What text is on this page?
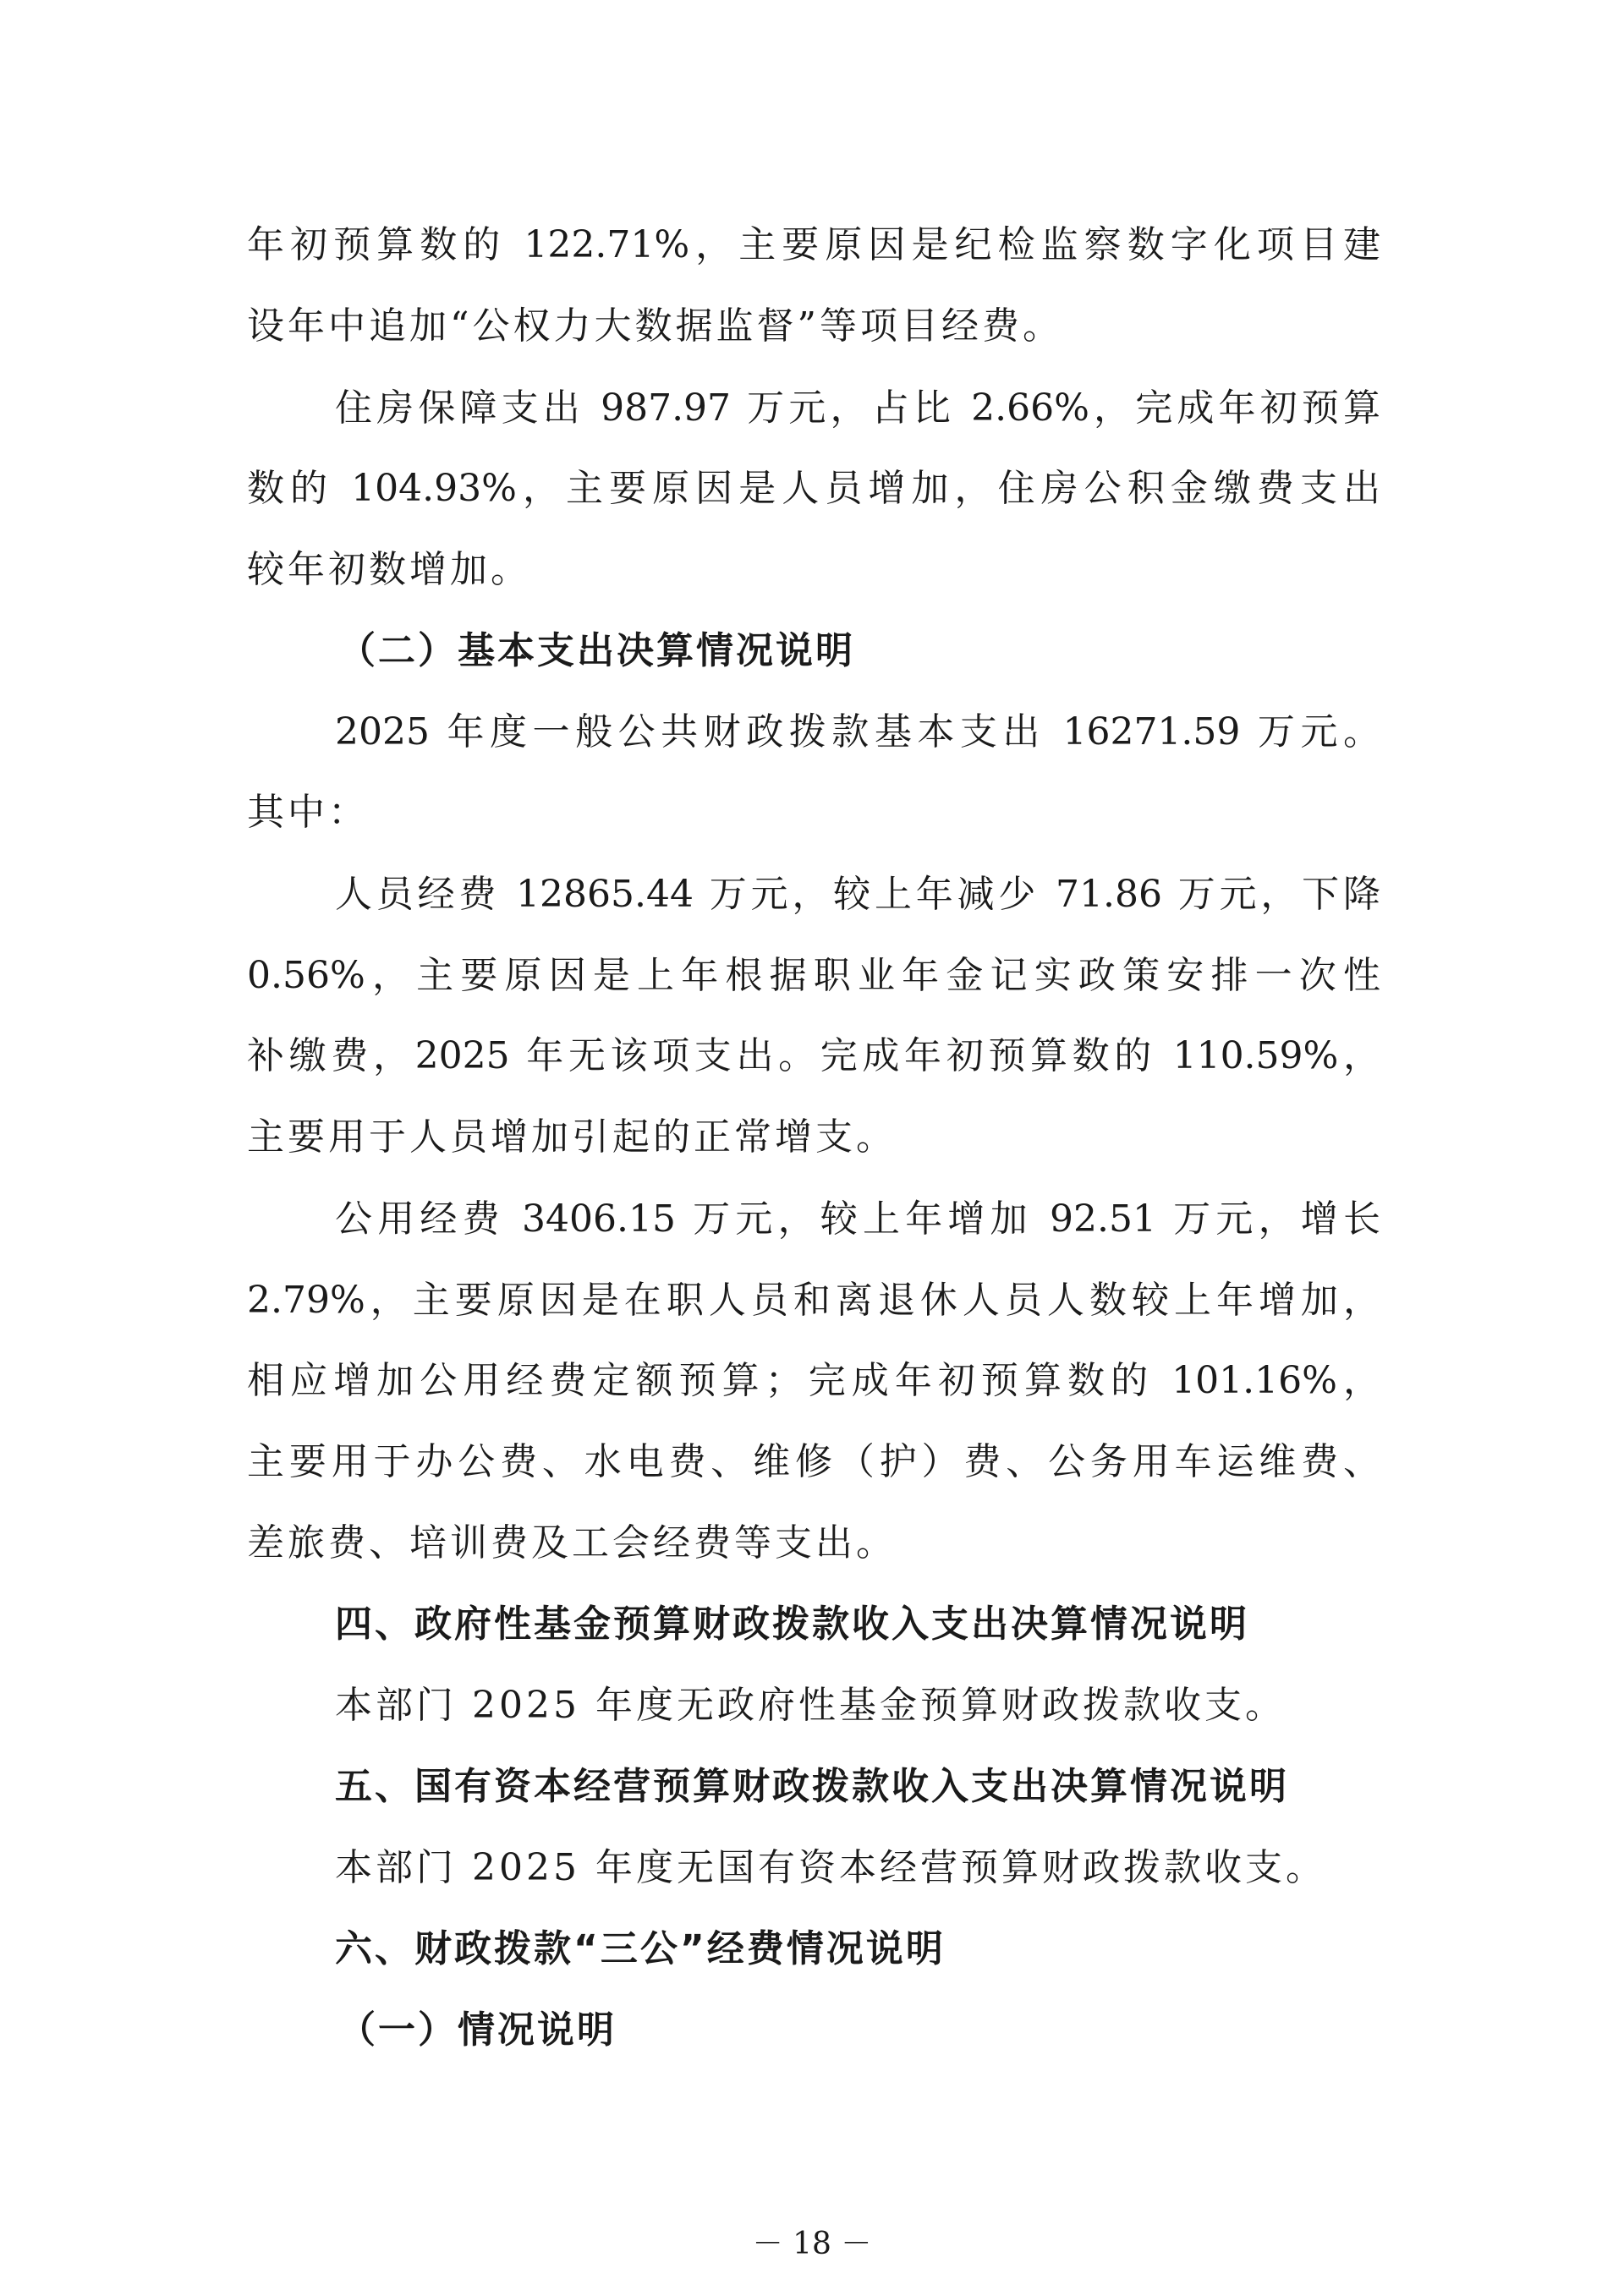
年初预算数的 122.71%，主要原因是纪检监察数字化项目建
设年中追加“公权力大数据监督”等项目经费。
住房保障支出 987.97 万元，占比 2.66%，完成年初预算
数的 104.93%，主要原因是人员增加，住房公积金缴费支出
较年初数增加。
（二）基本支出决算情况说明
2025 年度一般公共财政拨款基本支出 16271.59 万元。
其中：
人员经费 12865.44 万元，较上年减少 71.86 万元，下降
0.56%，主要原因是上年根据职业年金记实政策安排一次性
补缴费，2025 年无该项支出。完成年初预算数的 110.59%，
主要用于人员增加引起的正常增支。
公用经费 3406.15 万元，较上年增加 92.51 万元，增长
2.79%，主要原因是在职人员和离退休人员人数较上年增加，
相应增加公用经费定额预算；完成年初预算数的 101.16%，
主要用于办公费、水电费、维修（护）费、公务用车运维费、
差旅费、培训费及工会经费等支出。
四、政府性基金预算财政拨款收入支出决算情况说明
本部门 2025 年度无政府性基金预算财政拨款收支。
五、国有资本经营预算财政拨款收入支出决算情况说明
本部门 2025 年度无国有资本经营预算财政拨款收支。
六、财政拨款“三公”经费情况说明
（一）情况说明
－ 18 －
